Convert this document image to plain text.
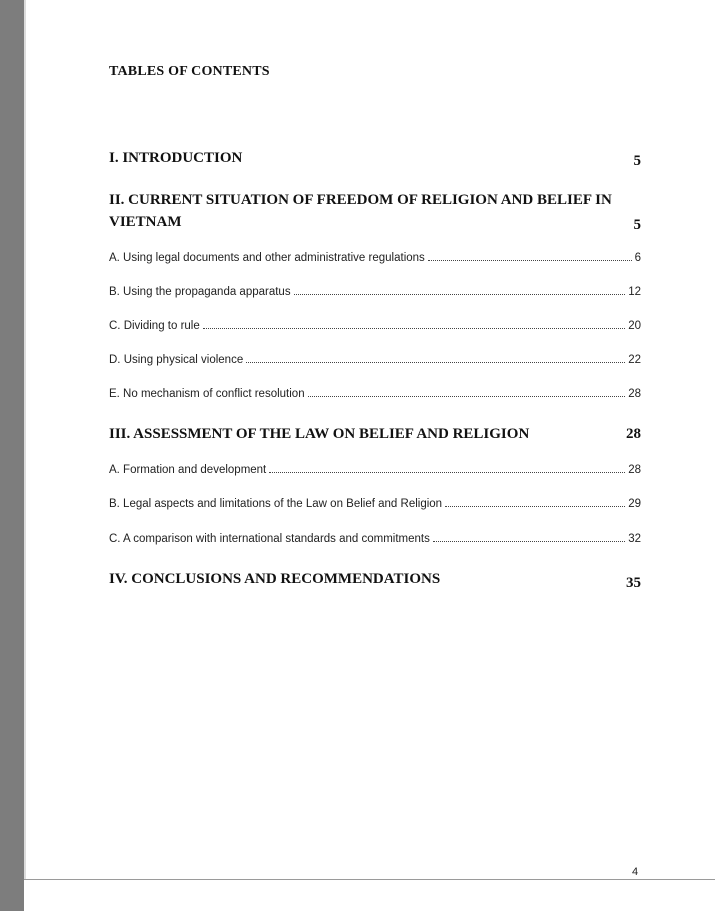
TABLES OF CONTENTS
I. INTRODUCTION	5
II. CURRENT SITUATION OF FREEDOM OF RELIGION AND BELIEF IN VIETNAM	5
A. Using legal documents and other administrative regulations	6
B. Using the propaganda apparatus	12
C. Dividing to rule	20
D. Using physical violence	22
E. No mechanism of conflict resolution	28
III. ASSESSMENT OF THE LAW ON BELIEF AND RELIGION	28
A. Formation and development	28
B. Legal aspects and limitations of the Law on Belief and Religion	29
C. A comparison with international standards and commitments	32
IV. CONCLUSIONS AND RECOMMENDATIONS	35
4
